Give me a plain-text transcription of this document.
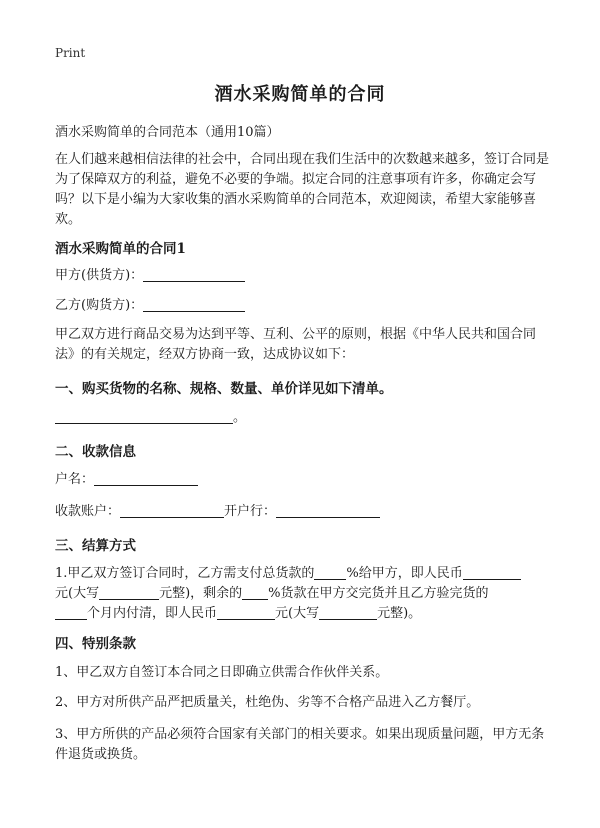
Print
酒水采购简单的合同
酒水采购简单的合同范本（通用10篇）
在人们越来越相信法律的社会中，合同出现在我们生活中的次数越来越多，签订合同是为了保障双方的利益，避免不必要的争端。拟定合同的注意事项有许多，你确定会写吗？以下是小编为大家收集的酒水采购简单的合同范本，欢迎阅读，希望大家能够喜欢。
酒水采购简单的合同1
甲方(供货方)：
乙方(购货方)：
甲乙双方进行商品交易为达到平等、互利、公平的原则，根据《中华人民共和国合同法》的有关规定，经双方协商一致，达成协议如下：
一、购买货物的名称、规格、数量、单价详见如下清单。
。
二、收款信息
户名：
收款账户：	开户行：
三、结算方式
1.甲乙双方签订合同时，乙方需支付总货款的 %给甲方，即人民币
元(大写	元整)，剩余的 %货款在甲方交完货并且乙方验完货的
个月内付清，即人民币	元(大写	元整)。
四、特别条款
1、甲乙双方自签订本合同之日即确立供需合作伙伴关系。
2、甲方对所供产品严把质量关，杜绝伪、劣等不合格产品进入乙方餐厅。
3、甲方所供的产品必须符合国家有关部门的相关要求。如果出现质量问题，甲方无条件退货或换货。
